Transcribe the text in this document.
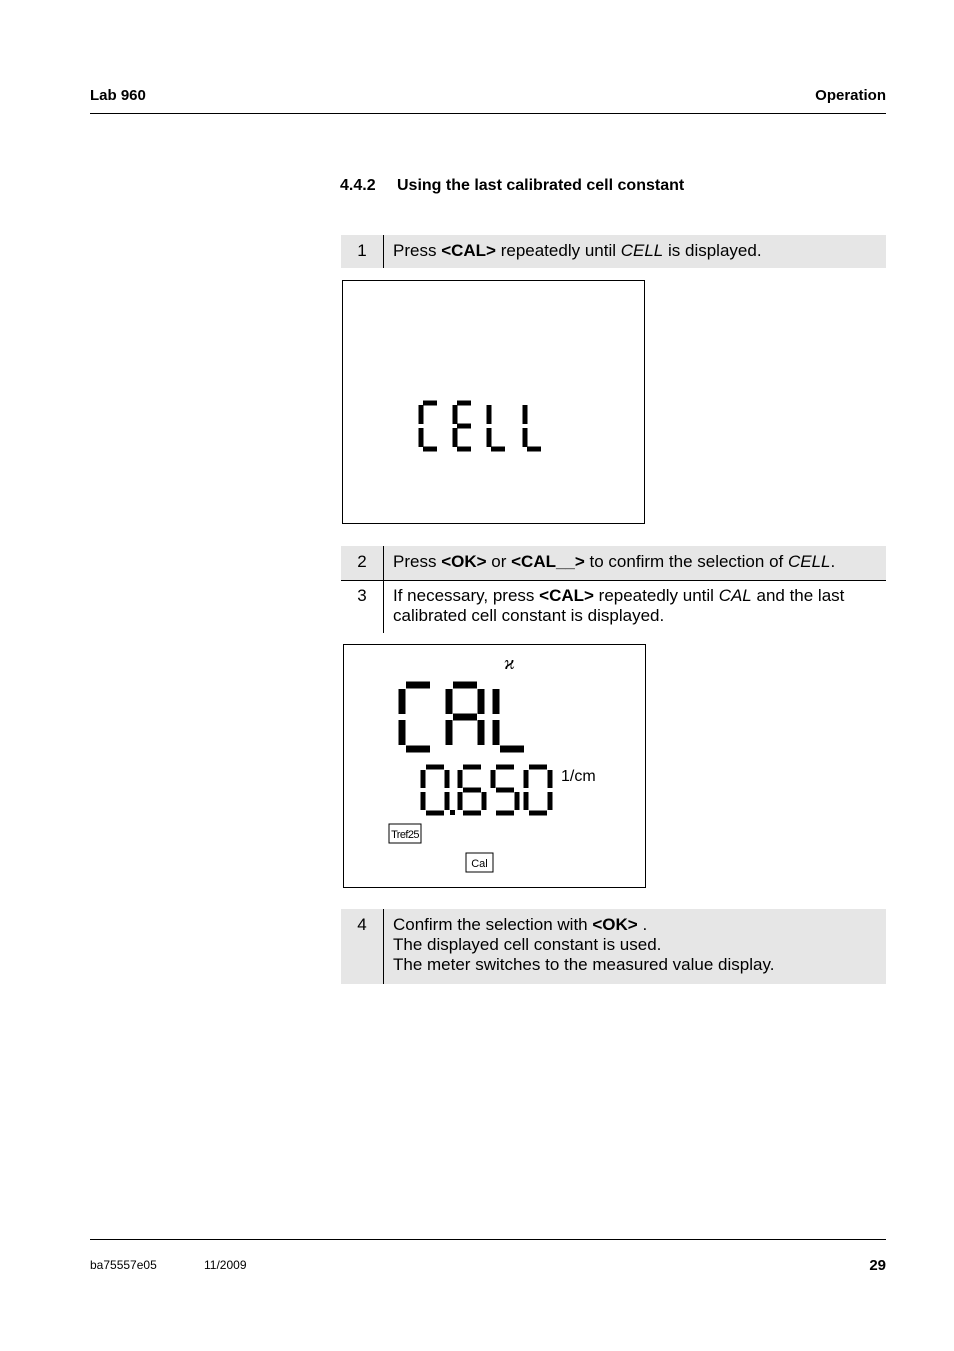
Lab 960	Operation
4.4.2 Using the last calibrated cell constant
1	Press <CAL> repeatedly until CELL is displayed.
2	Press <OK> or <CAL__> to confirm the selection of CELL.
3	If necessary, press <CAL> repeatedly until CAL and the last
calibrated cell constant is displayed.
ϰ
1/cm
Tref25
Cal
4	Confirm the selection with <OK> .
The displayed cell constant is used.
The meter switches to the measured value display.
ba75557e05	11/2009	29
